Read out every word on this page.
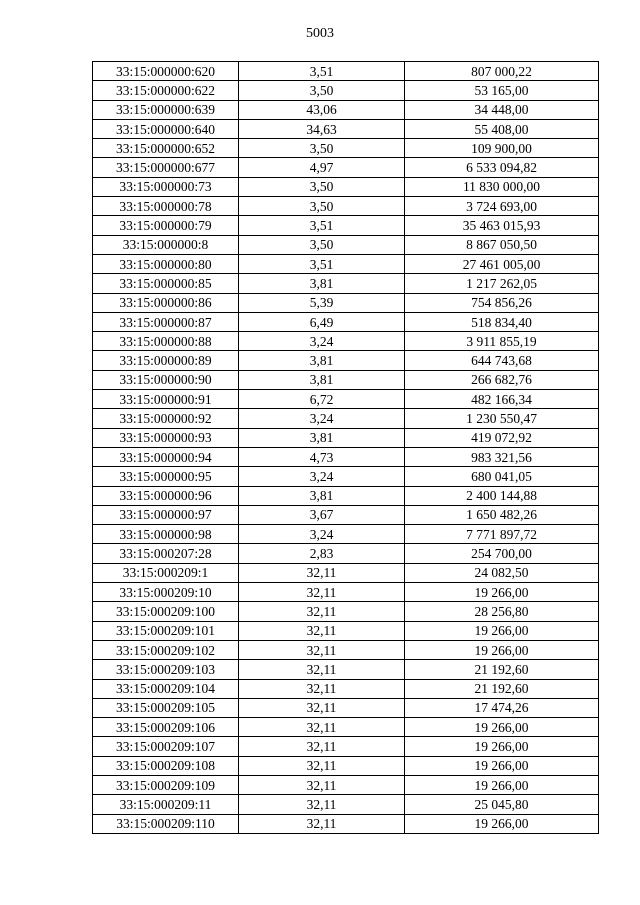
5003
33:15:000000:620	3,51	807 000,22
33:15:000000:622	3,50	53 165,00
33:15:000000:639	43,06	34 448,00
33:15:000000:640	34,63	55 408,00
33:15:000000:652	3,50	109 900,00
33:15:000000:677	4,97	6 533 094,82
33:15:000000:73	3,50	11 830 000,00
33:15:000000:78	3,50	3 724 693,00
33:15:000000:79	3,51	35 463 015,93
33:15:000000:8	3,50	8 867 050,50
33:15:000000:80	3,51	27 461 005,00
33:15:000000:85	3,81	1 217 262,05
33:15:000000:86	5,39	754 856,26
33:15:000000:87	6,49	518 834,40
33:15:000000:88	3,24	3 911 855,19
33:15:000000:89	3,81	644 743,68
33:15:000000:90	3,81	266 682,76
33:15:000000:91	6,72	482 166,34
33:15:000000:92	3,24	1 230 550,47
33:15:000000:93	3,81	419 072,92
33:15:000000:94	4,73	983 321,56
33:15:000000:95	3,24	680 041,05
33:15:000000:96	3,81	2 400 144,88
33:15:000000:97	3,67	1 650 482,26
33:15:000000:98	3,24	7 771 897,72
33:15:000207:28	2,83	254 700,00
33:15:000209:1	32,11	24 082,50
33:15:000209:10	32,11	19 266,00
33:15:000209:100	32,11	28 256,80
33:15:000209:101	32,11	19 266,00
33:15:000209:102	32,11	19 266,00
33:15:000209:103	32,11	21 192,60
33:15:000209:104	32,11	21 192,60
33:15:000209:105	32,11	17 474,26
33:15:000209:106	32,11	19 266,00
33:15:000209:107	32,11	19 266,00
33:15:000209:108	32,11	19 266,00
33:15:000209:109	32,11	19 266,00
33:15:000209:11	32,11	25 045,80
33:15:000209:110	32,11	19 266,00
